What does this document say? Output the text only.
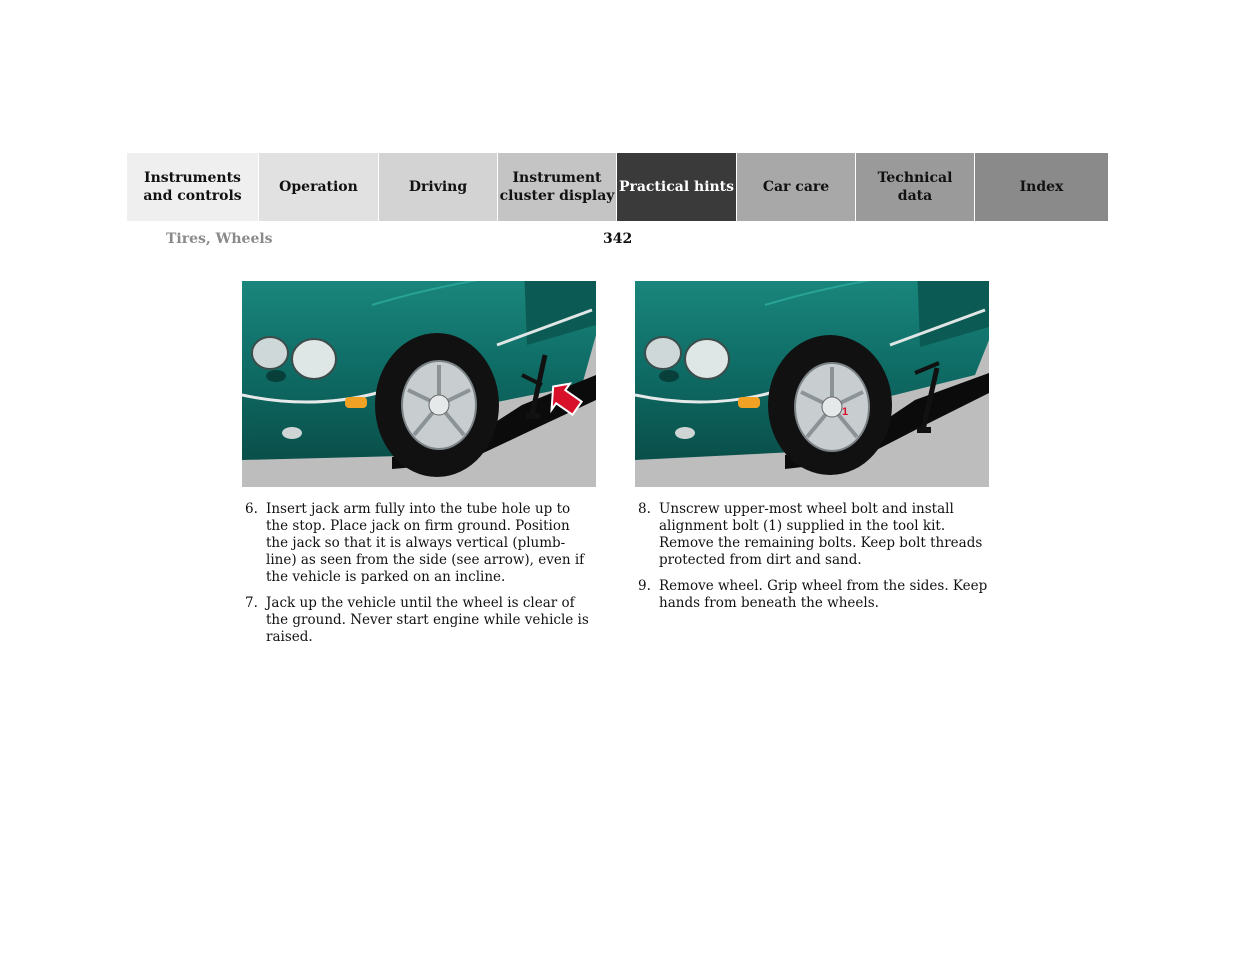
Instruments
and controls
Operation	Driving
Instrument
cluster display
Practical hints	Car care
Technical
data
Index
Tires, Wheels	342
1
6. Insert jack arm fully into the tube hole up to the stop. Place jack on firm ground. Position the jack so that it is always vertical (plumb-line) as seen from the side (see arrow), even if the vehicle is parked on an incline.
7. Jack up the vehicle until the wheel is clear of the ground. Never start engine while vehicle is raised.
8. Unscrew upper-most wheel bolt and install alignment bolt (1) supplied in the tool kit. Remove the remaining bolts. Keep bolt threads protected from dirt and sand.
9. Remove wheel. Grip wheel from the sides. Keep hands from beneath the wheels.
